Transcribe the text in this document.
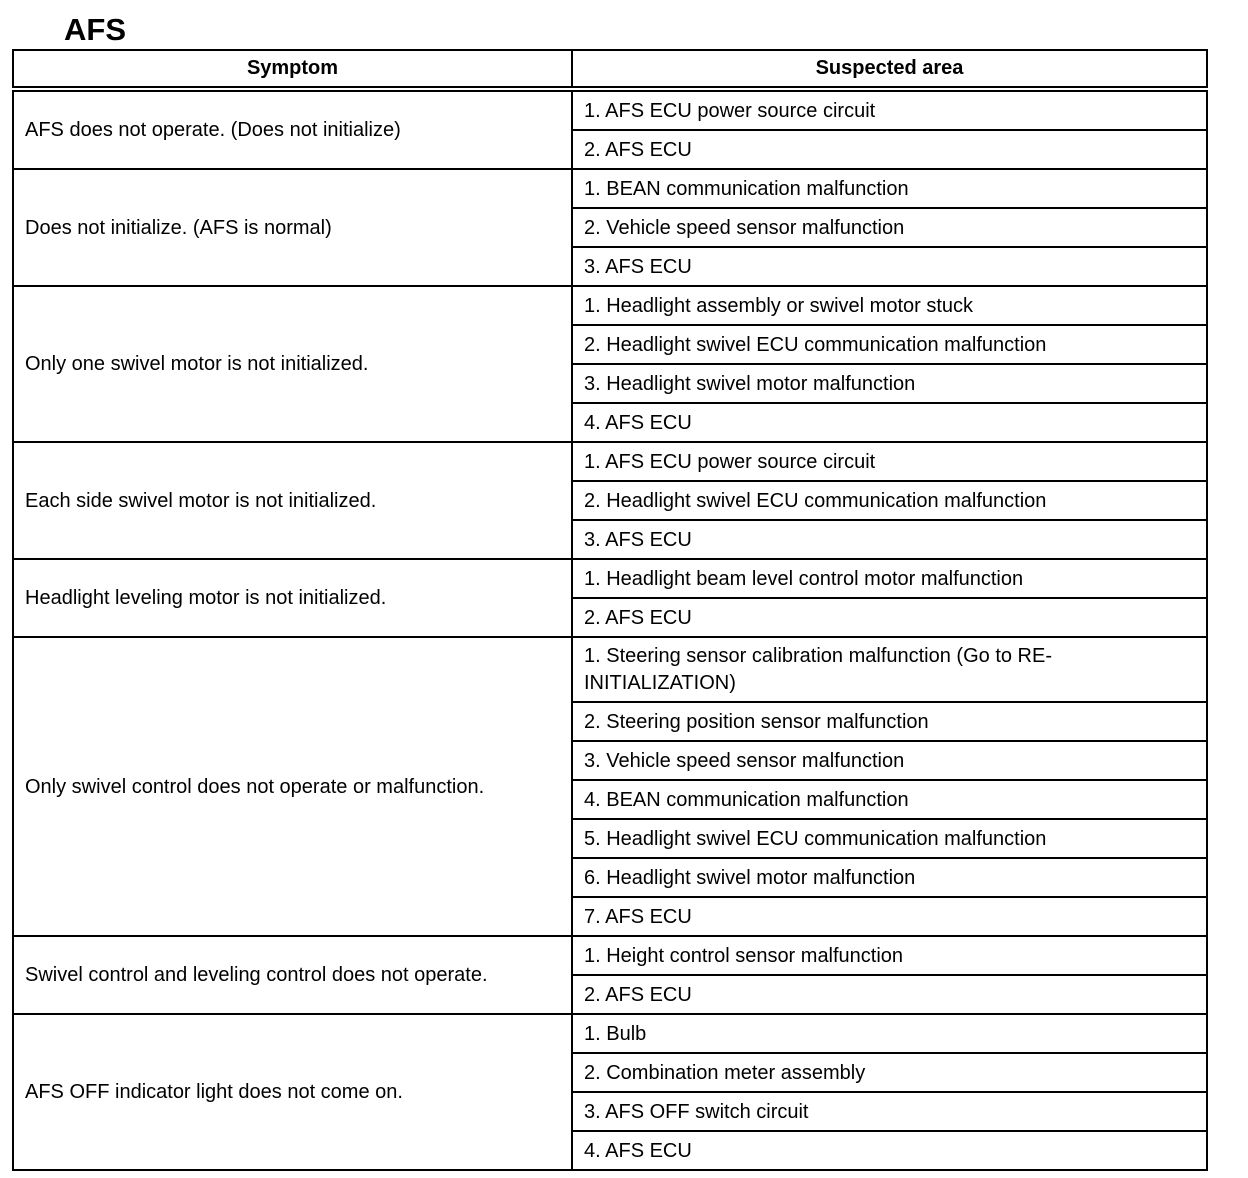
AFS
Symptom	Suspected area
AFS does not operate. (Does not initialize)	1. AFS ECU power source circuit
	2. AFS ECU
Does not initialize. (AFS is normal)	1. BEAN communication malfunction
	2. Vehicle speed sensor malfunction
	3. AFS ECU
Only one swivel motor is not initialized.	1. Headlight assembly or swivel motor stuck
	2. Headlight swivel ECU communication malfunction
	3. Headlight swivel motor malfunction
	4. AFS ECU
Each side swivel motor is not initialized.	1. AFS ECU power source circuit
	2. Headlight swivel ECU communication malfunction
	3. AFS ECU
Headlight leveling motor is not initialized.	1. Headlight beam level control motor malfunction
	2. AFS ECU
Only swivel control does not operate or malfunction.	1. Steering sensor calibration malfunction (Go to RE-INITIALIZATION)
	2. Steering position sensor malfunction
	3. Vehicle speed sensor malfunction
	4. BEAN communication malfunction
	5. Headlight swivel ECU communication malfunction
	6. Headlight swivel motor malfunction
	7. AFS ECU
Swivel control and leveling control does not operate.	1. Height control sensor malfunction
	2. AFS ECU
AFS OFF indicator light does not come on.	1. Bulb
	2. Combination meter assembly
	3. AFS OFF switch circuit
	4. AFS ECU
